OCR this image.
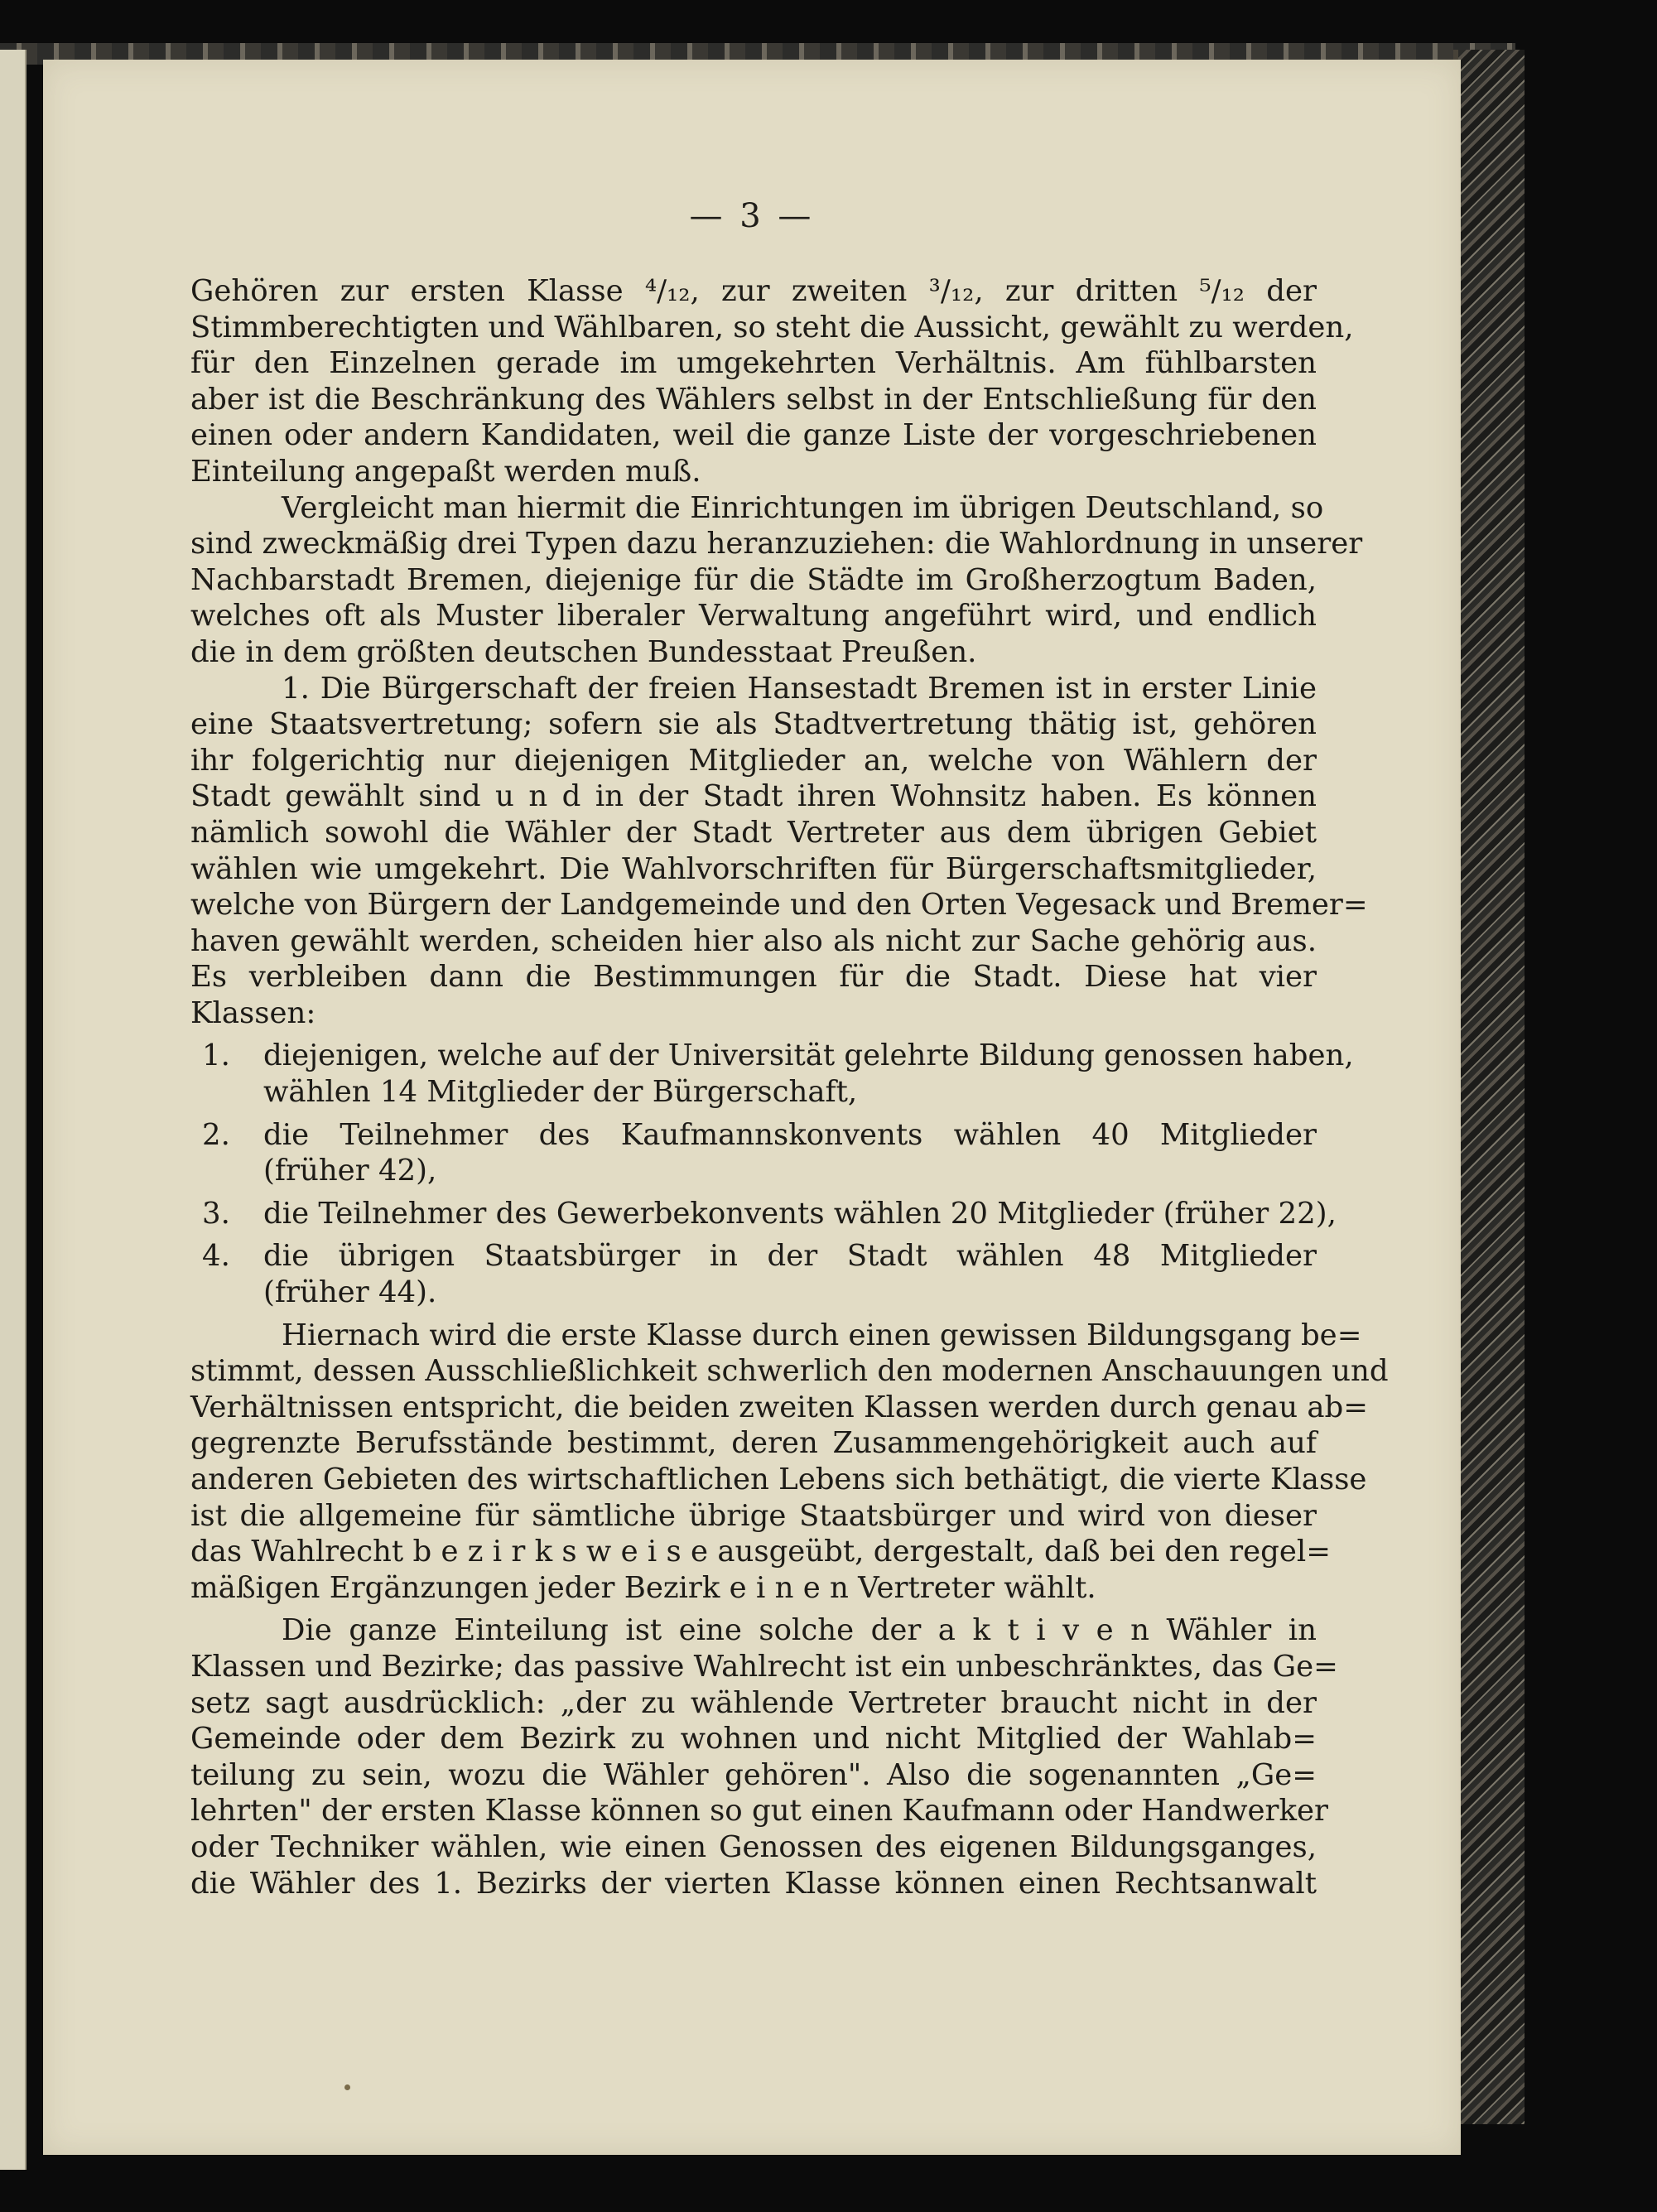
— 3 —
Gehören zur ersten Klasse ⁴/₁₂, zur zweiten ³/₁₂, zur dritten ⁵/₁₂ der
Stimmberechtigten und Wählbaren, so steht die Aussicht, gewählt zu werden,
für den Einzelnen gerade im umgekehrten Verhältnis. Am fühlbarsten
aber ist die Beschränkung des Wählers selbst in der Entschließung für den
einen oder andern Kandidaten, weil die ganze Liste der vorgeschriebenen
Einteilung angepaßt werden muß.
Vergleicht man hiermit die Einrichtungen im übrigen Deutschland, so
sind zweckmäßig drei Typen dazu heranzuziehen: die Wahlordnung in unserer
Nachbarstadt Bremen, diejenige für die Städte im Großherzogtum Baden,
welches oft als Muster liberaler Verwaltung angeführt wird, und endlich
die in dem größten deutschen Bundesstaat Preußen.
1. Die Bürgerschaft der freien Hansestadt Bremen ist in erster Linie
eine Staatsvertretung; sofern sie als Stadtvertretung thätig ist, gehören
ihr folgerichtig nur diejenigen Mitglieder an, welche von Wählern der
Stadt gewählt sind u n d in der Stadt ihren Wohnsitz haben. Es können
nämlich sowohl die Wähler der Stadt Vertreter aus dem übrigen Gebiet
wählen wie umgekehrt. Die Wahlvorschriften für Bürgerschaftsmitglieder,
welche von Bürgern der Landgemeinde und den Orten Vegesack und Bremer=
haven gewählt werden, scheiden hier also als nicht zur Sache gehörig aus.
Es verbleiben dann die Bestimmungen für die Stadt. Diese hat vier
Klassen:
1. diejenigen, welche auf der Universität gelehrte Bildung genossen haben,
wählen 14 Mitglieder der Bürgerschaft,
2. die Teilnehmer des Kaufmannskonvents wählen 40 Mitglieder
(früher 42),
3. die Teilnehmer des Gewerbekonvents wählen 20 Mitglieder (früher 22),
4. die übrigen Staatsbürger in der Stadt wählen 48 Mitglieder
(früher 44).
Hiernach wird die erste Klasse durch einen gewissen Bildungsgang be=
stimmt, dessen Ausschließlichkeit schwerlich den modernen Anschauungen und
Verhältnissen entspricht, die beiden zweiten Klassen werden durch genau ab=
gegrenzte Berufsstände bestimmt, deren Zusammengehörigkeit auch auf
anderen Gebieten des wirtschaftlichen Lebens sich bethätigt, die vierte Klasse
ist die allgemeine für sämtliche übrige Staatsbürger und wird von dieser
das Wahlrecht b e z i r k s w e i s e ausgeübt, dergestalt, daß bei den regel=
mäßigen Ergänzungen jeder Bezirk e i n e n Vertreter wählt.
Die ganze Einteilung ist eine solche der a k t i v e n Wähler in
Klassen und Bezirke; das passive Wahlrecht ist ein unbeschränktes, das Ge=
setz sagt ausdrücklich: „der zu wählende Vertreter braucht nicht in der
Gemeinde oder dem Bezirk zu wohnen und nicht Mitglied der Wahlab=
teilung zu sein, wozu die Wähler gehören". Also die sogenannten „Ge=
lehrten" der ersten Klasse können so gut einen Kaufmann oder Handwerker
oder Techniker wählen, wie einen Genossen des eigenen Bildungsganges,
die Wähler des 1. Bezirks der vierten Klasse können einen Rechtsanwalt
